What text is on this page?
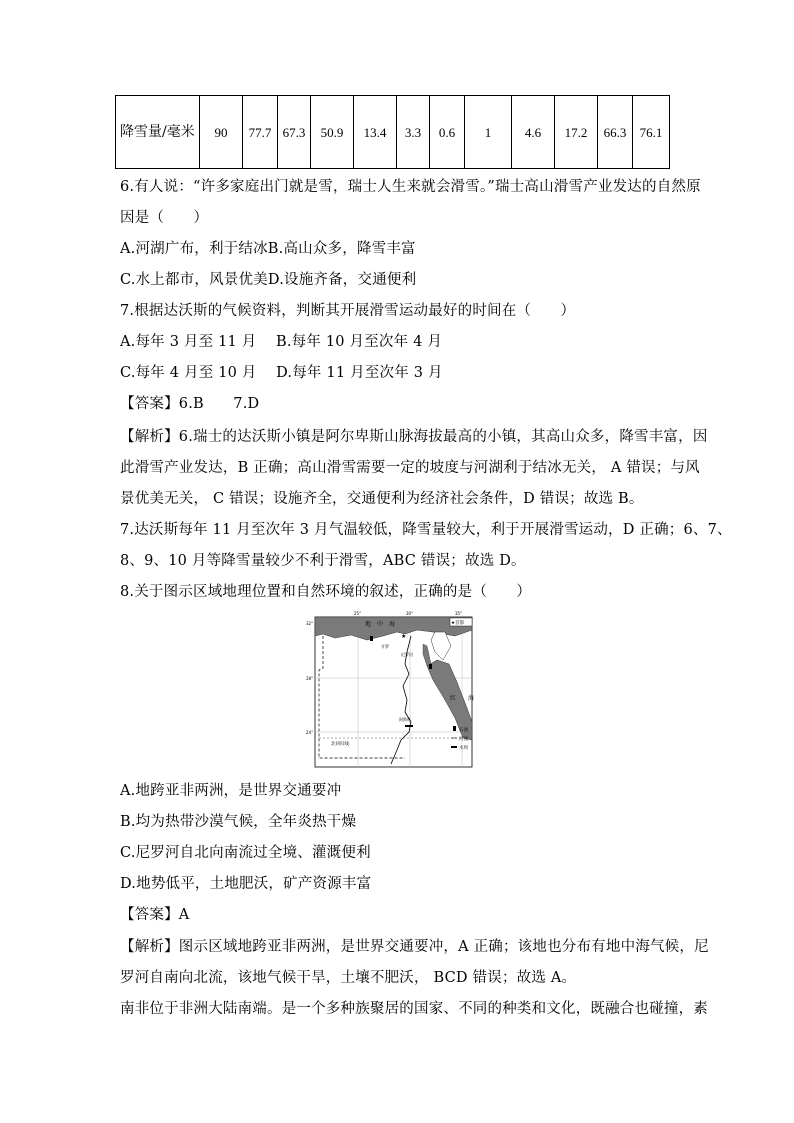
降雪量/毫米	90	77.7	67.3	50.9	13.4	3.3	0.6	1	4.6	17.2	66.3	76.1
6.有人说：“许多家庭出门就是雪，瑞士人生来就会滑雪。”瑞士高山滑雪产业发达的自然原
因是（　　）
A.河湖广布，利于结冰B.高山众多，降雪丰富
C.水上都市，风景优美D.设施齐备，交通便利
7.根据达沃斯的气候资料，判断其开展滑雪运动最好的时间在（　　）
A.每年 3 月至 11 月　 B.每年 10 月至次年 4 月
C.每年 4 月至 10 月　 D.每年 11 月至次年 3 月
【答案】6.B　　7.D
【解析】6.瑞士的达沃斯小镇是阿尔卑斯山脉海拔最高的小镇，其高山众多，降雪丰富，因
此滑雪产业发达，B 正确；高山滑雪需要一定的坡度与河湖利于结冰无关， A 错误；与风
景优美无关， C 错误；设施齐全，交通便利为经济社会条件，D 错误；故选 B。
7.达沃斯每年 11 月至次年 3 月气温较低，降雪量较大，利于开展滑雪运动，D 正确；6、7、
8、9、10 月等降雪量较少不利于滑雪，ABC 错误；故选 D。
8.关于图示区域地理位置和自然环境的叙述，正确的是（　　）
25°	30°	35°
32°
28°
24°
北回归线
尼罗河
阿斯旺
★
开罗
地　中　海
红　　海
★首都
石油
河流
水坝
A.地跨亚非两洲，是世界交通要冲
B.均为热带沙漠气候，全年炎热干燥
C.尼罗河自北向南流过全境、灌溉便利
D.地势低平，土地肥沃，矿产资源丰富
【答案】A
【解析】图示区域地跨亚非两洲，是世界交通要冲，A 正确；该地也分布有地中海气候，尼
罗河自南向北流，该地气候干旱，土壤不肥沃， BCD 错误；故选 A。
南非位于非洲大陆南端。是一个多种族聚居的国家、不同的种类和文化，既融合也碰撞，素
